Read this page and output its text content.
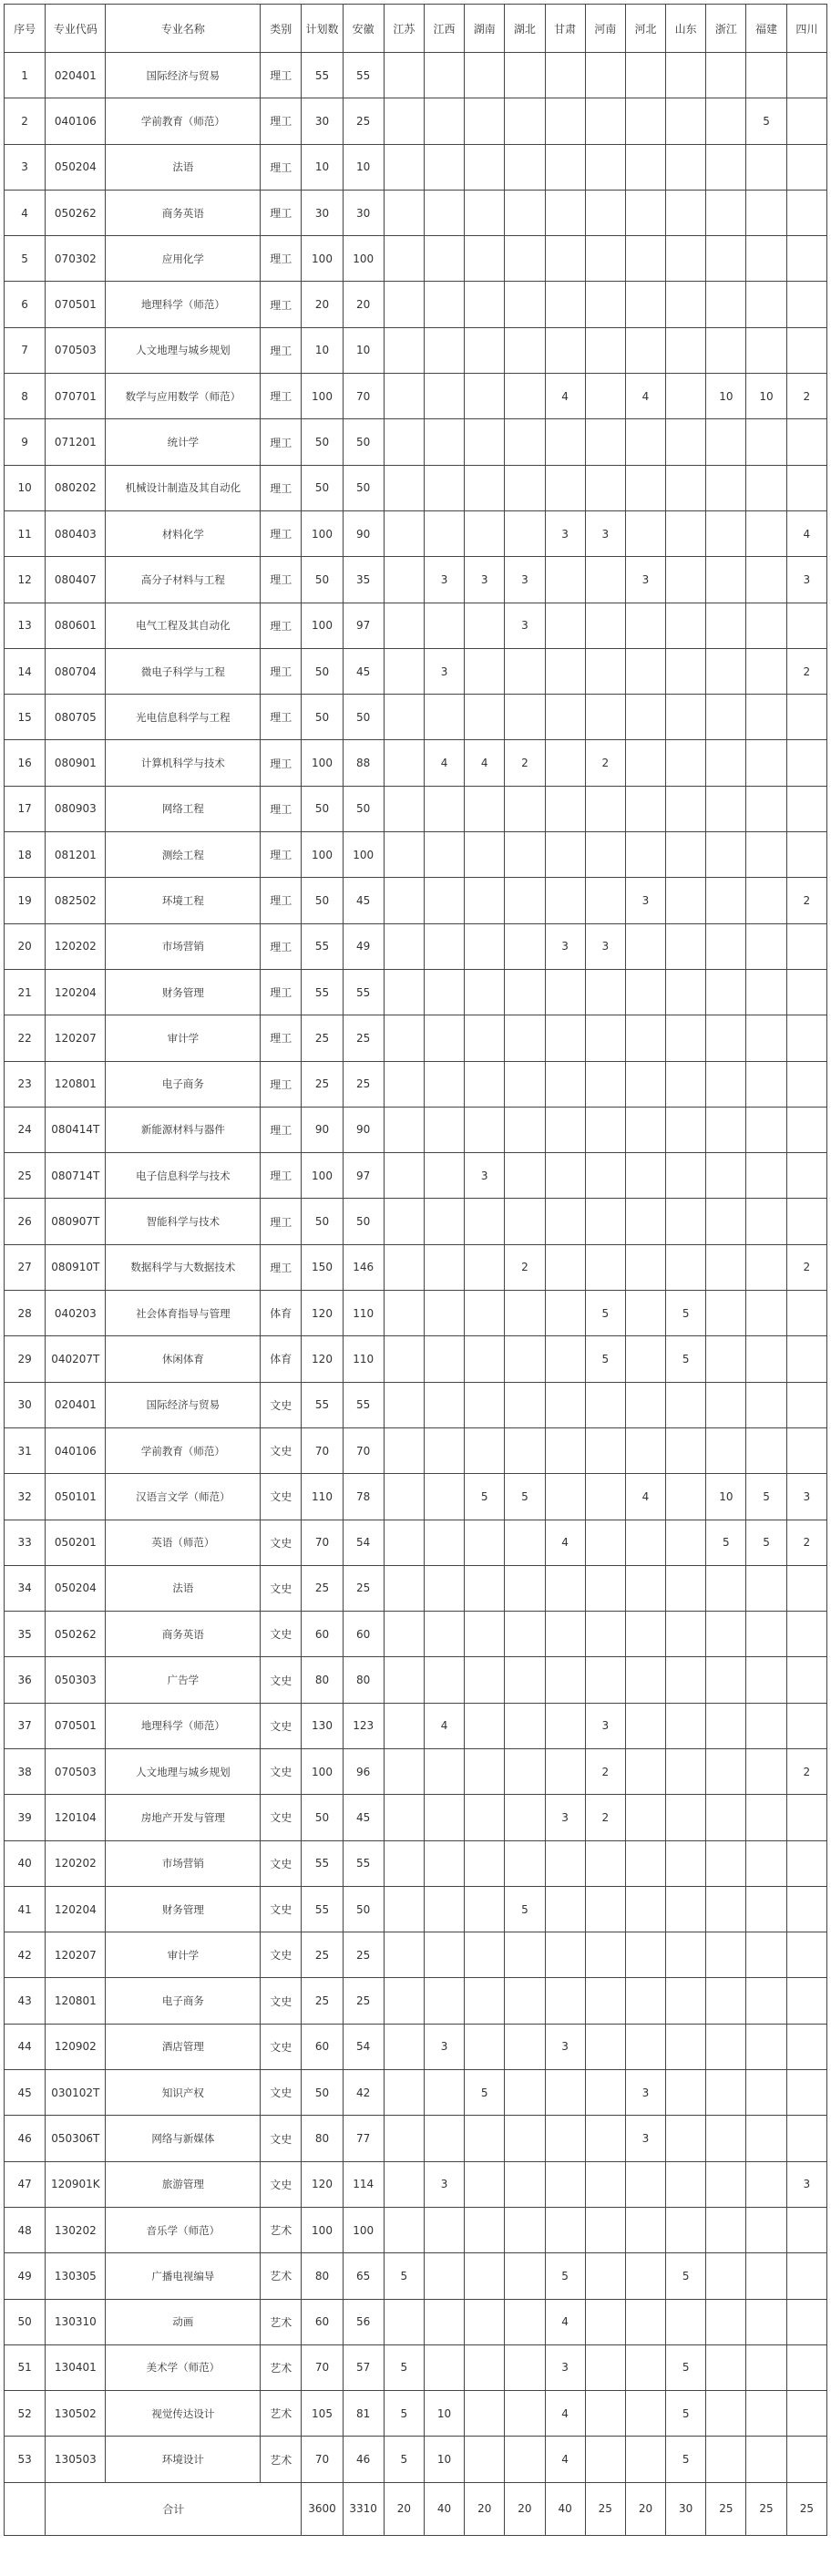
序号	专业代码	专业名称	类别	计划数	安徽	江苏	江西	湖南	湖北	甘肃	河南	河北	山东	浙江	福建	四川
1	020401	国际经济与贸易	理工	55	55											
2	040106	学前教育（师范）	理工	30	25										5	
3	050204	法语	理工	10	10											
4	050262	商务英语	理工	30	30											
5	070302	应用化学	理工	100	100											
6	070501	地理科学（师范）	理工	20	20											
7	070503	人文地理与城乡规划	理工	10	10											
8	070701	数学与应用数学（师范）	理工	100	70					4		4		10	10	2
9	071201	统计学	理工	50	50											
10	080202	机械设计制造及其自动化	理工	50	50											
11	080403	材料化学	理工	100	90					3	3					4
12	080407	高分子材料与工程	理工	50	35		3	3	3			3				3
13	080601	电气工程及其自动化	理工	100	97				3							
14	080704	微电子科学与工程	理工	50	45		3									2
15	080705	光电信息科学与工程	理工	50	50											
16	080901	计算机科学与技术	理工	100	88		4	4	2		2					
17	080903	网络工程	理工	50	50											
18	081201	测绘工程	理工	100	100											
19	082502	环境工程	理工	50	45							3				2
20	120202	市场营销	理工	55	49					3	3					
21	120204	财务管理	理工	55	55											
22	120207	审计学	理工	25	25											
23	120801	电子商务	理工	25	25											
24	080414T	新能源材料与器件	理工	90	90											
25	080714T	电子信息科学与技术	理工	100	97			3								
26	080907T	智能科学与技术	理工	50	50											
27	080910T	数据科学与大数据技术	理工	150	146				2							2
28	040203	社会体育指导与管理	体育	120	110						5		5			
29	040207T	休闲体育	体育	120	110						5		5			
30	020401	国际经济与贸易	文史	55	55											
31	040106	学前教育（师范）	文史	70	70											
32	050101	汉语言文学（师范）	文史	110	78			5	5			4		10	5	3
33	050201	英语（师范）	文史	70	54					4				5	5	2
34	050204	法语	文史	25	25											
35	050262	商务英语	文史	60	60											
36	050303	广告学	文史	80	80											
37	070501	地理科学（师范）	文史	130	123		4				3					
38	070503	人文地理与城乡规划	文史	100	96						2					2
39	120104	房地产开发与管理	文史	50	45					3	2					
40	120202	市场营销	文史	55	55											
41	120204	财务管理	文史	55	50				5							
42	120207	审计学	文史	25	25											
43	120801	电子商务	文史	25	25											
44	120902	酒店管理	文史	60	54		3			3						
45	030102T	知识产权	文史	50	42			5				3				
46	050306T	网络与新媒体	文史	80	77							3				
47	120901K	旅游管理	文史	120	114		3									3
48	130202	音乐学（师范）	艺术	100	100											
49	130305	广播电视编导	艺术	80	65	5				5			5			
50	130310	动画	艺术	60	56					4						
51	130401	美术学（师范）	艺术	70	57	5				3			5			
52	130502	视觉传达设计	艺术	105	81	5	10			4			5			
53	130503	环境设计	艺术	70	46	5	10			4			5			
	合计			3600	3310	20	40	20	20	40	25	20	30	25	25	25
